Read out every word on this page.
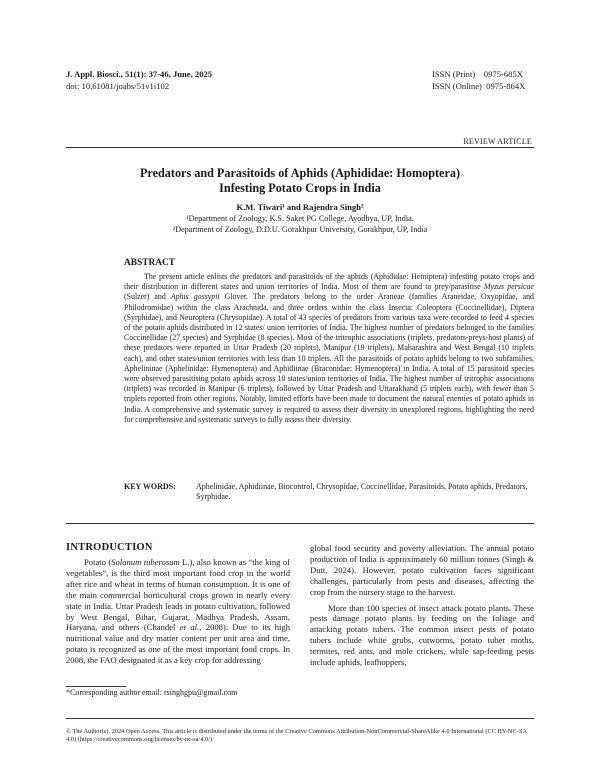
J. Appl. Biosci., 51(1): 37-46, June, 2025
doi: 10.61081/joabs/51v1i102
ISSN (Print)    0975-685X
ISSN (Online)  0975-864X
REVIEW ARTICLE
Predators and Parasitoids of Aphids (Aphididae: Homoptera)
Infesting Potato Crops in India
K.M. Tiwari¹ and Rajendra Singh²
¹Department of Zoology, K.S. Saket PG College, Ayodhya, UP, India.
²Department of Zoology, D.D.U. Gorakhpur University, Gorakhpur, UP, India
ABSTRACT
The present article enlists the predators and parasitoids of the aphids (Aphididae: Hemiptera) infesting potato crops and their distribution in different states and union territories of India. Most of them are found to prey/parasitise Myzus persicae (Sulzer) and Aphis gossypii Glover. The predators belong to the order Araneae (families Araneidae, Oxyopidae, and Philodromidae) within the class Arachnida, and three orders within the class Insecta: Coleoptera (Coccinellidae), Diptera (Syrphidae), and Neuroptera (Chrysopidae). A total of 43 species of predators from various taxa were recorded to feed 4 species of the potato aphids distributed in 12 states/ union territories of India. The highest number of predators belonged to the families Coccinellidae (27 species) and Syrphidae (8 species). Most of the tritrophic associations (triplets, predators-preys-host plants) of these predators were reported in Uttar Pradesh (20 triplets), Manipur (19 triplets), Maharashtra and West Bengal (10 triplets each), and other states/union territories with less than 10 triplets. All the parasitoids of potato aphids belong to two subfamilies, Aphelininae (Aphelinidae: Hymenoptera) and Aphidiinae (Braconidae: Hymenoptera) in India. A total of 15 parasitoid species were observed parasitising potato aphids across 10 states/union territories of India. The highest number of tritrophic associations (triplets) was recorded in Manipur (6 triplets), followed by Uttar Pradesh and Uttarakhand (5 triplets each), with fewer than 5 triplets reported from other regions. Notably, limited efforts have been made to document the natural enemies of potato aphids in India. A comprehensive and systematic survey is required to assess their diversity in unexplored regions, highlighting the need for comprehensive and systematic surveys to fully assess their diversity.
KEY WORDS:	Aphelinidae, Aphidiinae, Biocontrol, Chrysopidae, Coccinellidae, Parasitoids, Potato aphids, Predators, Syrphidae.
INTRODUCTION

Potato (Solanum tuberosum L.), also known as “the king of vegetables”, is the third most important food crop in the world after rice and wheat in terms of human consumption. It is one of the main commercial horticultural crops grown in nearly every state in India. Uttar Pradesh leads in potato cultivation, followed by West Bengal, Bihar, Gujarat, Madhya Pradesh, Assam, Haryana, and others (Chandel et al., 2008). Due to its high nutritional value and dry matter content per unit area and time, potato is recognized as one of the most important food crops. In 2008, the FAO designated it as a key crop for addressing

global food security and poverty alleviation. The annual potato production of India is approximately 60 million tonnes (Singh & Dutt, 2024). However, potato cultivation faces significant challenges, particularly from pests and diseases, affecting the crop from the nursery stage to the harvest.

More than 100 species of insect attack potato plants. These pests damage potato plants by feeding on the foliage and attacking potato tubers. The common insect pests of potato tubers include white grubs, cutworms, potato tuber moths, termites, red ants, and mole crickets, while sap-feeding pests include aphids, leafhoppers,

*Corresponding author email: rsinghgpu@gmail.com
© The Author(s). 2024 Open Access. This article is distributed under the terms of the Creative Commons Attribution-NonCommercial-ShareAlike 4.0 International (CC BY-NC-SA 4.0) (https://creativecommons.org/licenses/by-nc-sa/4.0/)
